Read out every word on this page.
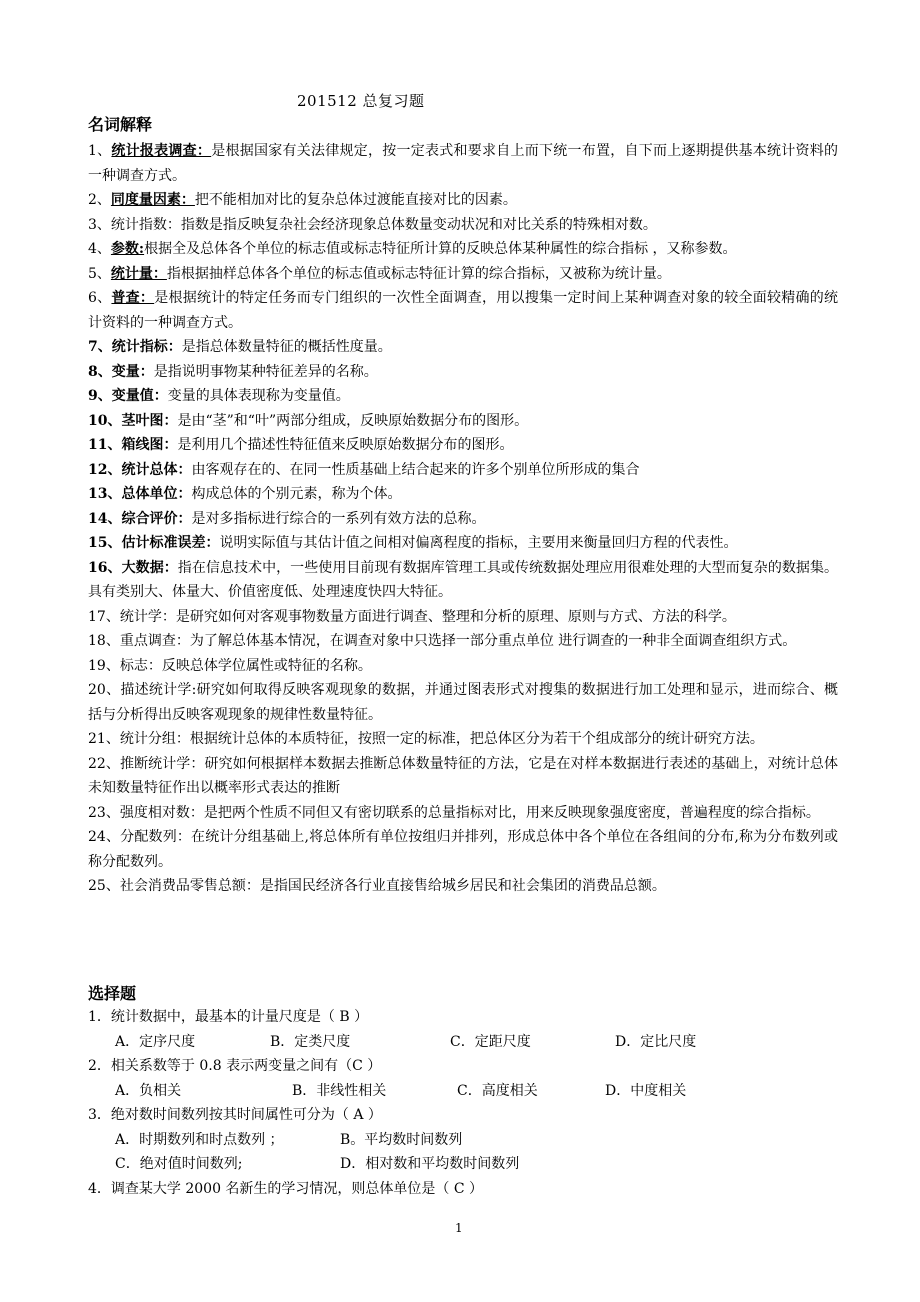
201512 总复习题
名词解释

1、统计报表调查：是根据国家有关法律规定，按一定表式和要求自上而下统一布置，自下而上逐期提供基本统计资料的一种调查方式。

2、同度量因素：把不能相加对比的复杂总体过渡能直接对比的因素。

3、统计指数：指数是指反映复杂社会经济现象总体数量变动状况和对比关系的特殊相对数。

4、参数:根据全及总体各个单位的标志值或标志特征所计算的反映总体某种属性的综合指标 ，又称参数。

5、统计量：指根据抽样总体各个单位的标志值或标志特征计算的综合指标，又被称为统计量。

6、普查：是根据统计的特定任务而专门组织的一次性全面调查，用以搜集一定时间上某种调查对象的较全面较精确的统计资料的一种调查方式。

7、统计指标：是指总体数量特征的概括性度量。

8、变量：是指说明事物某种特征差异的名称。

9、变量值：变量的具体表现称为变量值。

10、茎叶图：是由“茎”和“叶”两部分组成，反映原始数据分布的图形。

11、箱线图：是利用几个描述性特征值来反映原始数据分布的图形。

12、统计总体：由客观存在的、在同一性质基础上结合起来的许多个别单位所形成的集合

13、总体单位：构成总体的个别元素，称为个体。

14、综合评价：是对多指标进行综合的一系列有效方法的总称。

15、估计标准误差：说明实际值与其估计值之间相对偏离程度的指标，主要用来衡量回归方程的代表性。

16、大数据：指在信息技术中，一些使用目前现有数据库管理工具或传统数据处理应用很难处理的大型而复杂的数据集。具有类别大、体量大、价值密度低、处理速度快四大特征。

17、统计学：是研究如何对客观事物数量方面进行调查、整理和分析的原理、原则与方式、方法的科学。

18、重点调查：为了解总体基本情况，在调查对象中只选择一部分重点单位 进行调查的一种非全面调查组织方式。

19、标志：反映总体学位属性或特征的名称。

20、描述统计学:研究如何取得反映客观现象的数据，并通过图表形式对搜集的数据进行加工处理和显示，进而综合、概括与分析得出反映客观现象的规律性数量特征。

21、统计分组：根据统计总体的本质特征，按照一定的标准，把总体区分为若干个组成部分的统计研究方法。

22、推断统计学：研究如何根据样本数据去推断总体数量特征的方法，它是在对样本数据进行表述的基础上，对统计总体未知数量特征作出以概率形式表达的推断

23、强度相对数：是把两个性质不同但又有密切联系的总量指标对比，用来反映现象强度密度，普遍程度的综合指标。

24、分配数列：在统计分组基础上,将总体所有单位按组归并排列，形成总体中各个单位在各组间的分布,称为分布数列或称分配数列。

25、社会消费品零售总额：是指国民经济各行业直接售给城乡居民和社会集团的消费品总额。

选择题

1．统计数据中，最基本的计量尺度是（ B ）

A．定序尺度	B．定类尺度	C．定距尺度	D．定比尺度

2．相关系数等于 0.8 表示两变量之间有（C ）

A．负相关	B．非线性相关	C．高度相关	D．中度相关

3．绝对数时间数列按其时间属性可分为（ A ）

A．时期数列和时点数列 ；	B。平均数时间数列
C．绝对值时间数列;	D．相对数和平均数时间数列

4．调查某大学 2000 名新生的学习情况，则总体单位是（ C ）

1
